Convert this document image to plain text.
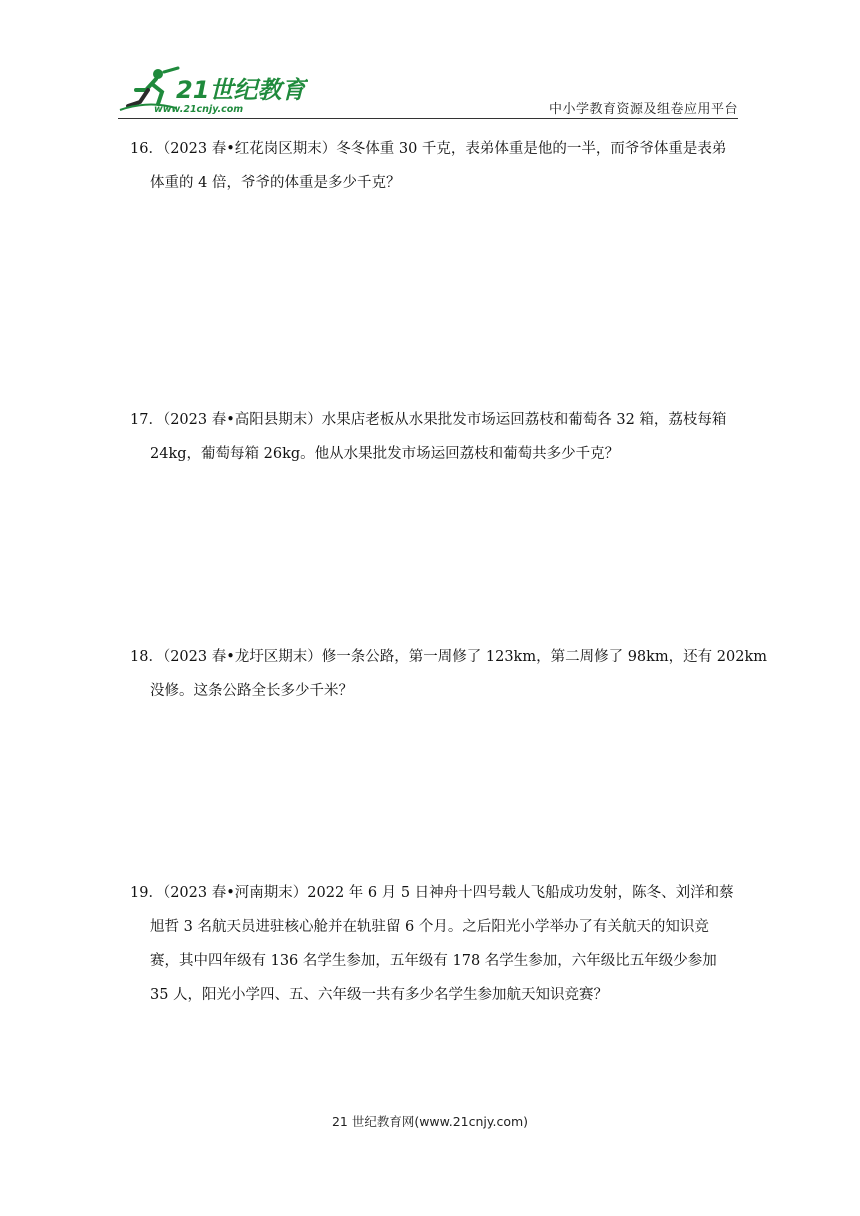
21世纪教育
www.21cnjy.com	中小学教育资源及组卷应用平台
16．（2023 春•红花岗区期末）冬冬体重 30 千克，表弟体重是他的一半，而爷爷体重是表弟
体重的 4 倍，爷爷的体重是多少千克？
17．（2023 春•高阳县期末）水果店老板从水果批发市场运回荔枝和葡萄各 32 箱，荔枝每箱
24kg，葡萄每箱 26kg。他从水果批发市场运回荔枝和葡萄共多少千克？
18．（2023 春•龙圩区期末）修一条公路，第一周修了 123km，第二周修了 98km，还有 202km
没修。这条公路全长多少千米？
19．（2023 春•河南期末）2022 年 6 月 5 日神舟十四号载人飞船成功发射，陈冬、刘洋和蔡
旭哲 3 名航天员进驻核心舱并在轨驻留 6 个月。之后阳光小学举办了有关航天的知识竞
赛，其中四年级有 136 名学生参加，五年级有 178 名学生参加，六年级比五年级少参加
35 人，阳光小学四、五、六年级一共有多少名学生参加航天知识竞赛？
21 世纪教育网(www.21cnjy.com)
